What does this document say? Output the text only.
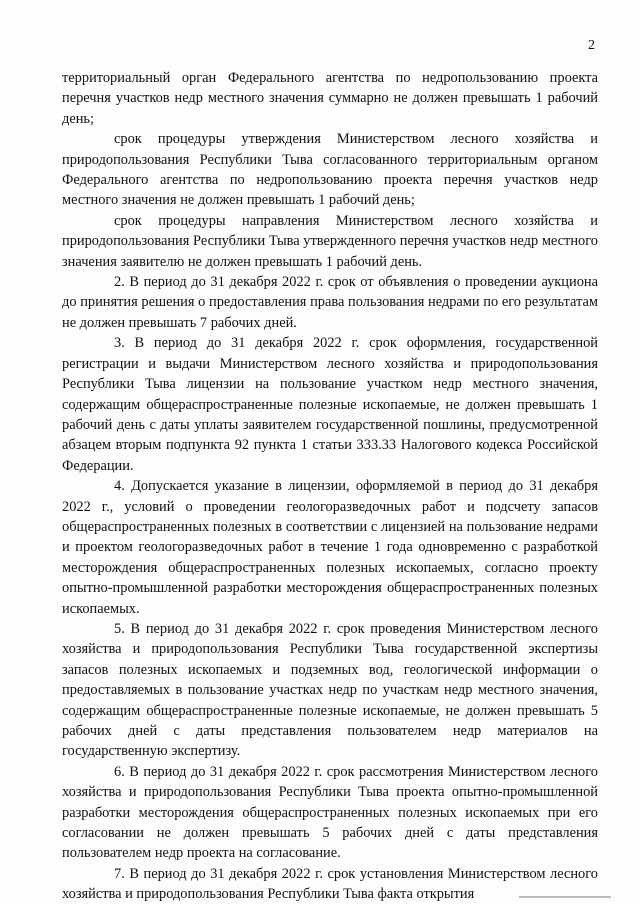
2

территориальный орган Федерального агентства по недропользованию проекта перечня участков недр местного значения суммарно не должен превышать 1 рабочий день;

срок процедуры утверждения Министерством лесного хозяйства и природопользования Республики Тыва согласованного территориальным органом Федерального агентства по недропользованию проекта перечня участков недр местного значения не должен превышать 1 рабочий день;

срок процедуры направления Министерством лесного хозяйства и природопользования Республики Тыва утвержденного перечня участков недр местного значения заявителю не должен превышать 1 рабочий день.

2. В период до 31 декабря 2022 г. срок от объявления о проведении аукциона до принятия решения о предоставления права пользования недрами по его результатам не должен превышать 7 рабочих дней.

3. В период до 31 декабря 2022 г. срок оформления, государственной регистрации и выдачи Министерством лесного хозяйства и природопользования Республики Тыва лицензии на пользование участком недр местного значения, содержащим общераспространенные полезные ископаемые, не должен превышать 1 рабочий день с даты уплаты заявителем государственной пошлины, предусмотренной абзацем вторым подпункта 92 пункта 1 статьи 333.33 Налогового кодекса Российской Федерации.

4. Допускается указание в лицензии, оформляемой в период до 31 декабря 2022 г., условий о проведении геологоразведочных работ и подсчету запасов общераспространенных полезных в соответствии с лицензией на пользование недрами и проектом геологоразведочных работ в течение 1 года одновременно с разработкой месторождения общераспространенных полезных ископаемых, согласно проекту опытно-промышленной разработки месторождения общераспространенных полезных ископаемых.

5. В период до 31 декабря 2022 г. срок проведения Министерством лесного хозяйства и природопользования Республики Тыва государственной экспертизы запасов полезных ископаемых и подземных вод, геологической информации о предоставляемых в пользование участках недр по участкам недр местного значения, содержащим общераспространенные полезные ископаемые, не должен превышать 5 рабочих дней с даты представления пользователем недр материалов на государственную экспертизу.

6. В период до 31 декабря 2022 г. срок рассмотрения Министерством лесного хозяйства и природопользования Республики Тыва проекта опытно-промышленной разработки месторождения общераспространенных полезных ископаемых при его согласовании не должен превышать 5 рабочих дней с даты представления пользователем недр проекта на согласование.

7. В период до 31 декабря 2022 г. срок установления Министерством лесного хозяйства и природопользования Республики Тыва факта открытия
